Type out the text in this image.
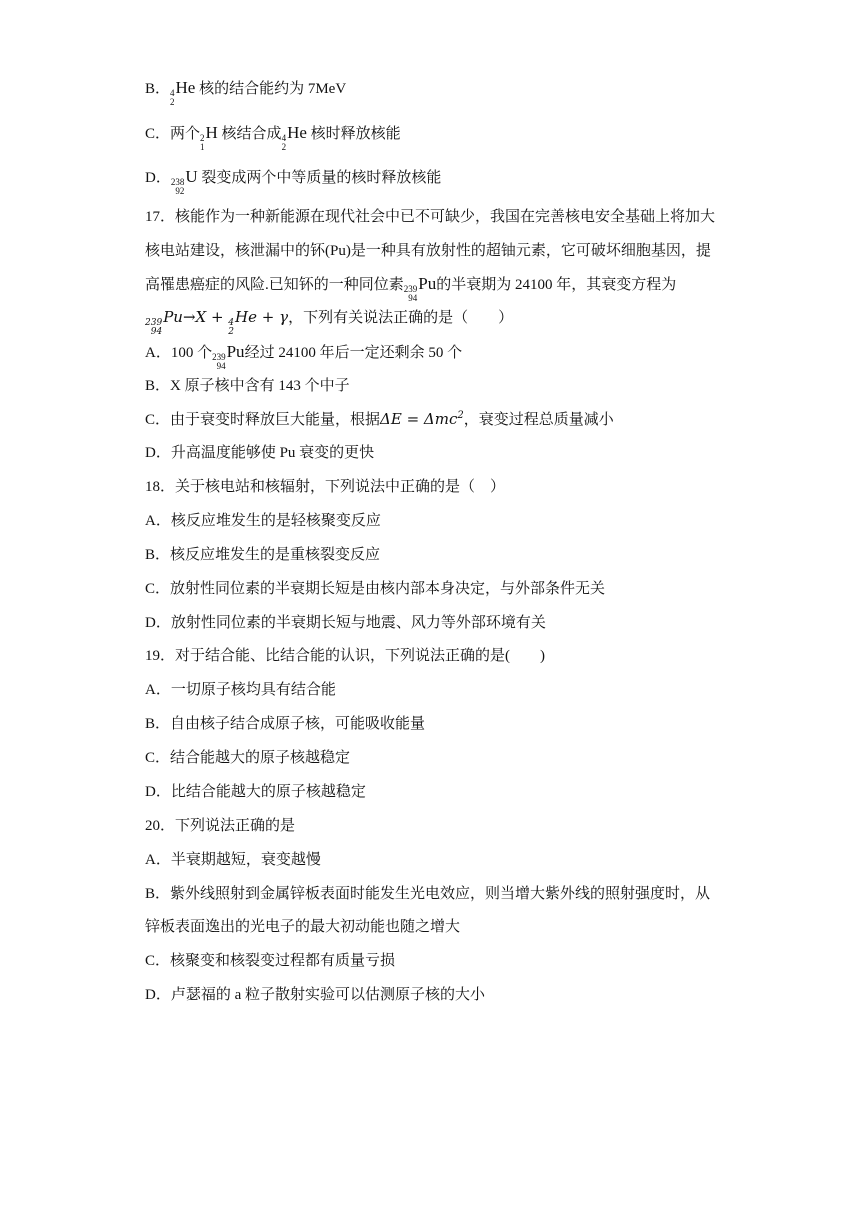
B． 4
2
He 核的结合能约为 7MeV
C．两个 2
1
H 核结合成 4
2
He 核时释放核能
D． 238
92
U 裂变成两个中等质量的核时释放核能
17．核能作为一种新能源在现代社会中已不可缺少，我国在完善核电安全基础上将加大
核电站建设，核泄漏中的钚(Pu)是一种具有放射性的超铀元素，它可破坏细胞基因，提
高罹患癌症的风险.已知钚的一种同位素 239
94
Pu的半衰期为 24100 年，其衰变方程为
239
94
Pu→X + 4
2
He + γ，下列有关说法正确的是（　　）
A．100 个 239
94
Pu经过 24100 年后一定还剩余 50 个
B．X 原子核中含有 143 个中子
C．由于衰变时释放巨大能量，根据ΔE = Δmc$^2$，衰变过程总质量减小
D．升高温度能够使 Pu 衰变的更快
18．关于核电站和核辐射，下列说法中正确的是（　）
A．核反应堆发生的是轻核聚变反应
B．核反应堆发生的是重核裂变反应
C．放射性同位素的半衰期长短是由核内部本身决定，与外部条件无关
D．放射性同位素的半衰期长短与地震、风力等外部环境有关
19．对于结合能、比结合能的认识，下列说法正确的是(　　)
A．一切原子核均具有结合能
B．自由核子结合成原子核，可能吸收能量
C．结合能越大的原子核越稳定
D．比结合能越大的原子核越稳定
20．下列说法正确的是
A．半衰期越短，衰变越慢
B．紫外线照射到金属锌板表面时能发生光电效应，则当增大紫外线的照射强度时，从
锌板表面逸出的光电子的最大初动能也随之增大
C．核聚变和核裂变过程都有质量亏损
D．卢瑟福的 a 粒子散射实验可以估测原子核的大小
